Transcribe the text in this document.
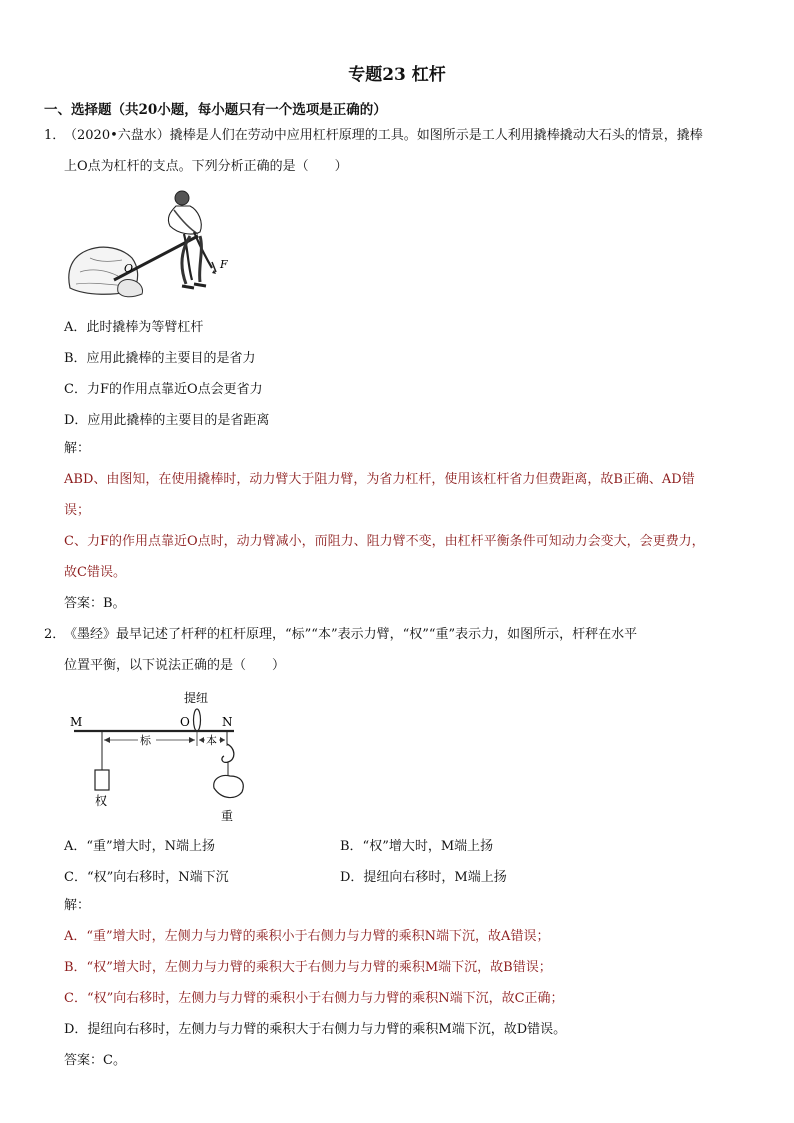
专题23 杠杆
一、选择题（共20小题，每小题只有一个选项是正确的）
1．
（2020•六盘水）撬棒是人们在劳动中应用杠杆原理的工具。如图所示是工人利用撬棒撬动大石头的情景，撬棒
上O点为杠杆的支点。下列分析正确的是（　　）
O	F
A．此时撬棒为等臂杠杆
B．应用此撬棒的主要目的是省力
C．力F的作用点靠近O点会更省力
D．应用此撬棒的主要目的是省距离
解：
ABD、由图知，在使用撬棒时，动力臂大于阻力臂，为省力杠杆，使用该杠杆省力但费距离，故B正确、AD错
误；
C、力F的作用点靠近O点时，动力臂减小，而阻力、阻力臂不变，由杠杆平衡条件可知动力会变大，会更费力，
故C错误。
答案：B。
2．
《墨经》最早记述了杆秤的杠杆原理，“标”“本”表示力臂，“权”“重”表示力，如图所示，杆秤在水平
位置平衡，以下说法正确的是（　　）
提纽
M	O	N
标	本
权
重
A．“重”增大时，N端上扬	B．“权”增大时，M端上扬
C．“权”向右移时，N端下沉	D．提纽向右移时，M端上扬
解：
A．“重”增大时，左侧力与力臂的乘积小于右侧力与力臂的乘积N端下沉，故A错误；
B．“权”增大时，左侧力与力臂的乘积大于右侧力与力臂的乘积M端下沉，故B错误；
C．“权”向右移时，左侧力与力臂的乘积小于右侧力与力臂的乘积N端下沉，故C正确；
D．提纽向右移时，左侧力与力臂的乘积大于右侧力与力臂的乘积M端下沉，故D错误。
答案：C。
